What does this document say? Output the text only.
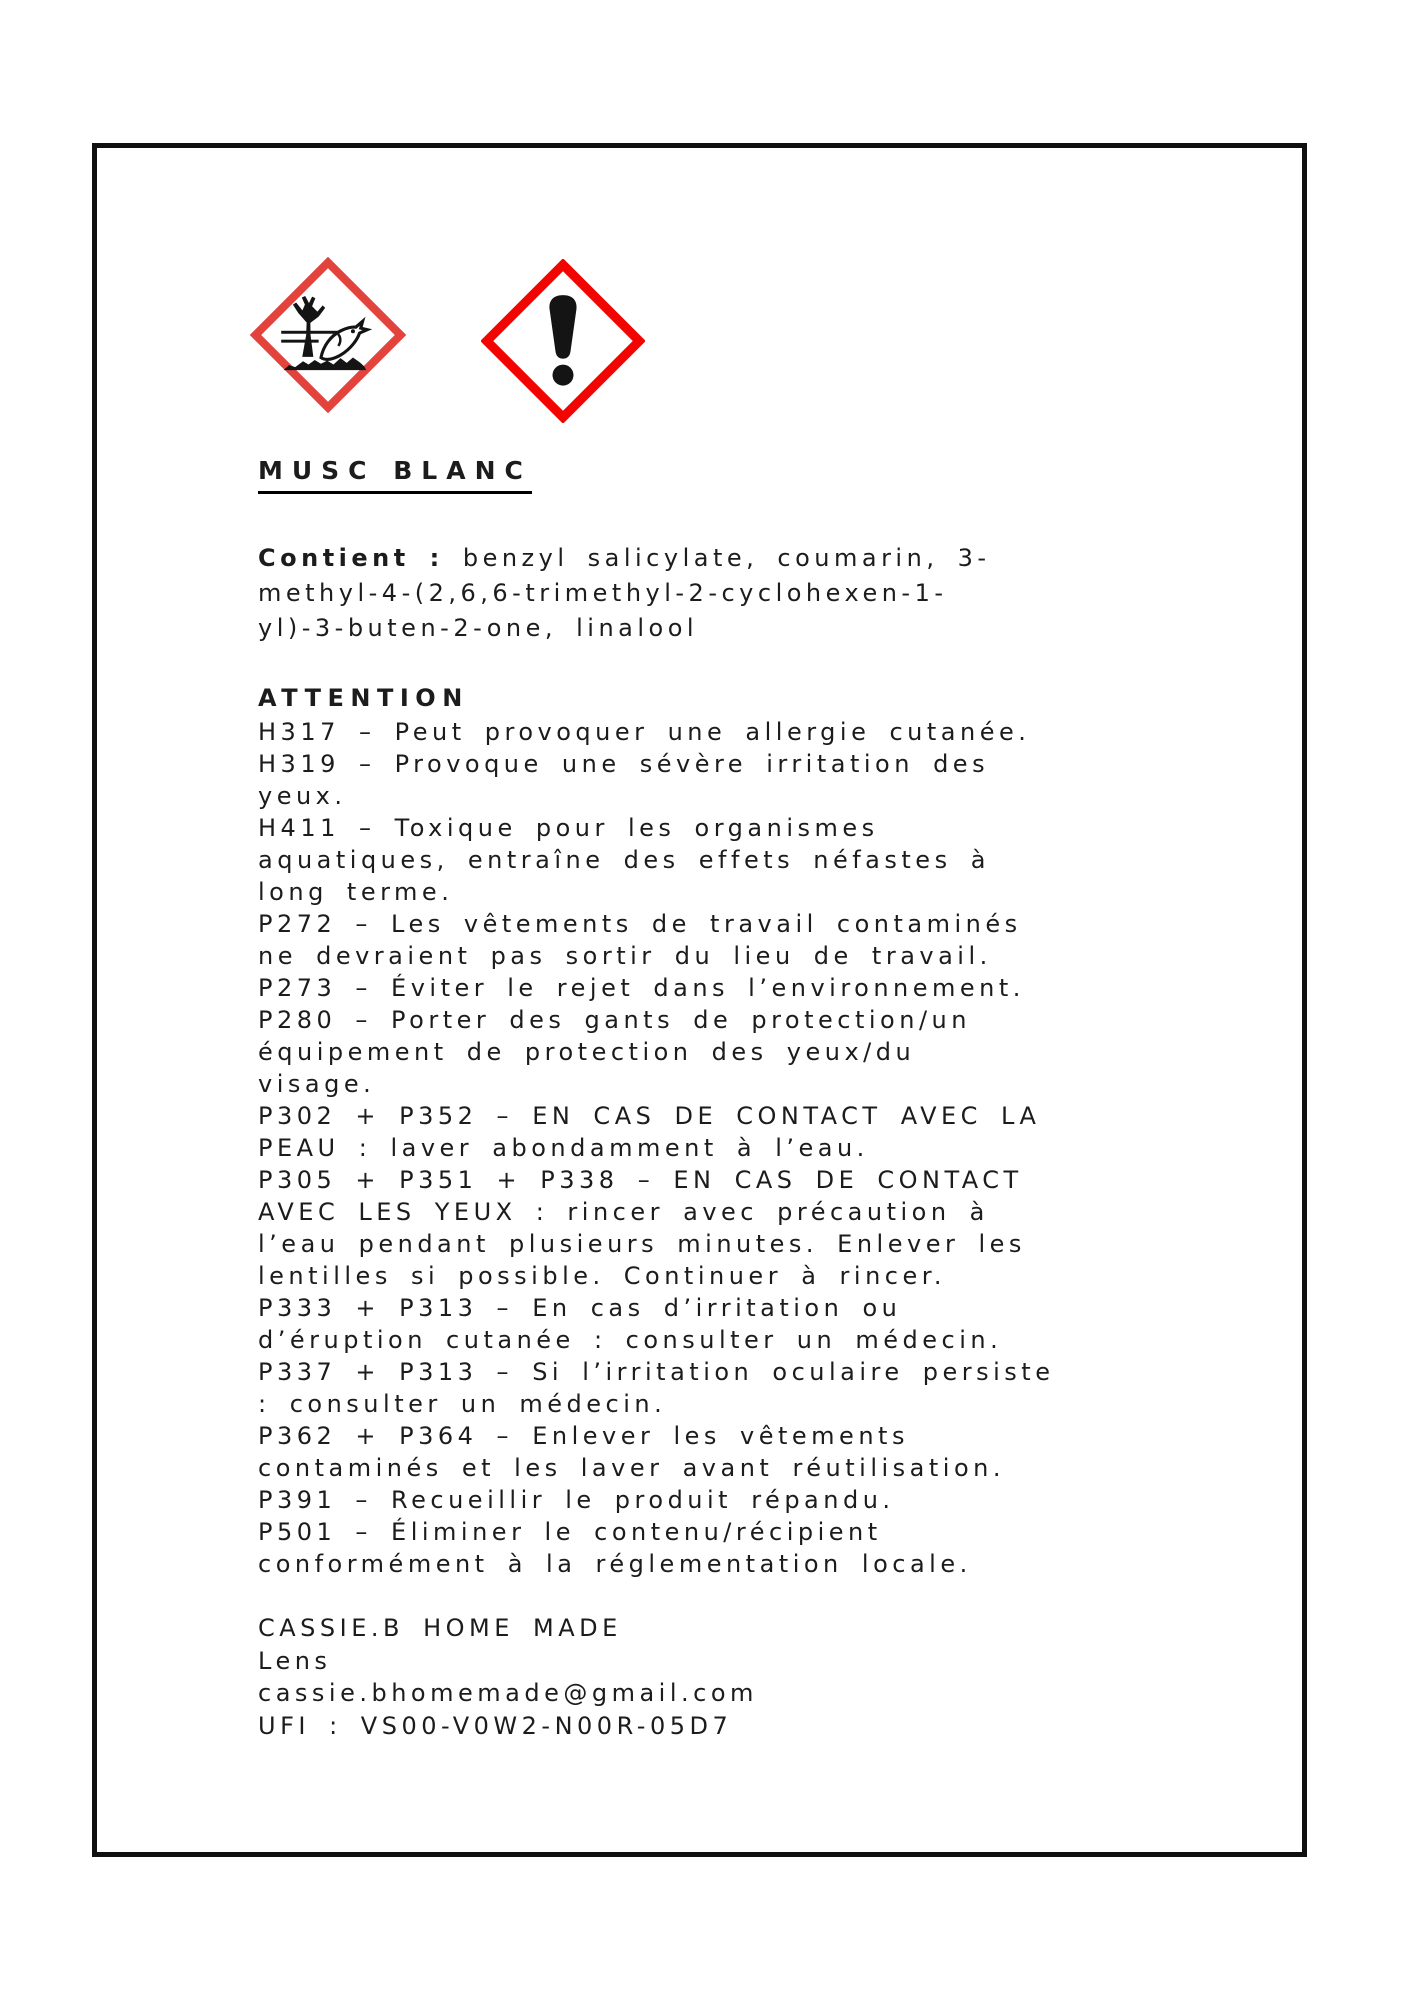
MUSC BLANC
Contient : benzyl salicylate, coumarin, 3-
methyl-4-(2,6,6-trimethyl-2-cyclohexen-1-
yl)-3-buten-2-one, linalool
ATTENTION
H317 – Peut provoquer une allergie cutanée.
H319 – Provoque une sévère irritation des
yeux.
H411 – Toxique pour les organismes
aquatiques, entraîne des effets néfastes à
long terme.
P272 – Les vêtements de travail contaminés
ne devraient pas sortir du lieu de travail.
P273 – Éviter le rejet dans l’environnement.
P280 – Porter des gants de protection/un
équipement de protection des yeux/du
visage.
P302 + P352 – EN CAS DE CONTACT AVEC LA
PEAU : laver abondamment à l’eau.
P305 + P351 + P338 – EN CAS DE CONTACT
AVEC LES YEUX : rincer avec précaution à
l’eau pendant plusieurs minutes. Enlever les
lentilles si possible. Continuer à rincer.
P333 + P313 – En cas d’irritation ou
d’éruption cutanée : consulter un médecin.
P337 + P313 – Si l’irritation oculaire persiste
: consulter un médecin.
P362 + P364 – Enlever les vêtements
contaminés et les laver avant réutilisation.
P391 – Recueillir le produit répandu.
P501 – Éliminer le contenu/récipient
conformément à la réglementation locale.
CASSIE.B HOME MADE
Lens
cassie.bhomemade@gmail.com
UFI : VS00-V0W2-N00R-05D7
